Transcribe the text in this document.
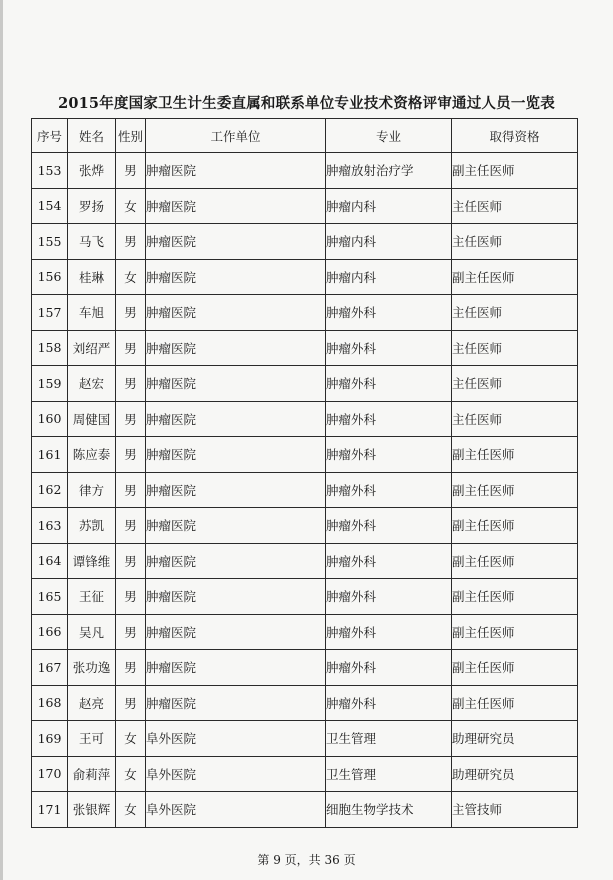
2015年度国家卫生计生委直属和联系单位专业技术资格评审通过人员一览表
序号	姓名	性别	工作单位	专业	取得资格
153	张烨	男	肿瘤医院	肿瘤放射治疗学	副主任医师
154	罗扬	女	肿瘤医院	肿瘤内科	主任医师
155	马飞	男	肿瘤医院	肿瘤内科	主任医师
156	桂琳	女	肿瘤医院	肿瘤内科	副主任医师
157	车旭	男	肿瘤医院	肿瘤外科	主任医师
158	刘绍严	男	肿瘤医院	肿瘤外科	主任医师
159	赵宏	男	肿瘤医院	肿瘤外科	主任医师
160	周健国	男	肿瘤医院	肿瘤外科	主任医师
161	陈应泰	男	肿瘤医院	肿瘤外科	副主任医师
162	律方	男	肿瘤医院	肿瘤外科	副主任医师
163	苏凯	男	肿瘤医院	肿瘤外科	副主任医师
164	谭锋维	男	肿瘤医院	肿瘤外科	副主任医师
165	王征	男	肿瘤医院	肿瘤外科	副主任医师
166	吴凡	男	肿瘤医院	肿瘤外科	副主任医师
167	张功逸	男	肿瘤医院	肿瘤外科	副主任医师
168	赵亮	男	肿瘤医院	肿瘤外科	副主任医师
169	王可	女	阜外医院	卫生管理	助理研究员
170	俞莉萍	女	阜外医院	卫生管理	助理研究员
171	张银辉	女	阜外医院	细胞生物学技术	主管技师
第 9 页，共 36 页
